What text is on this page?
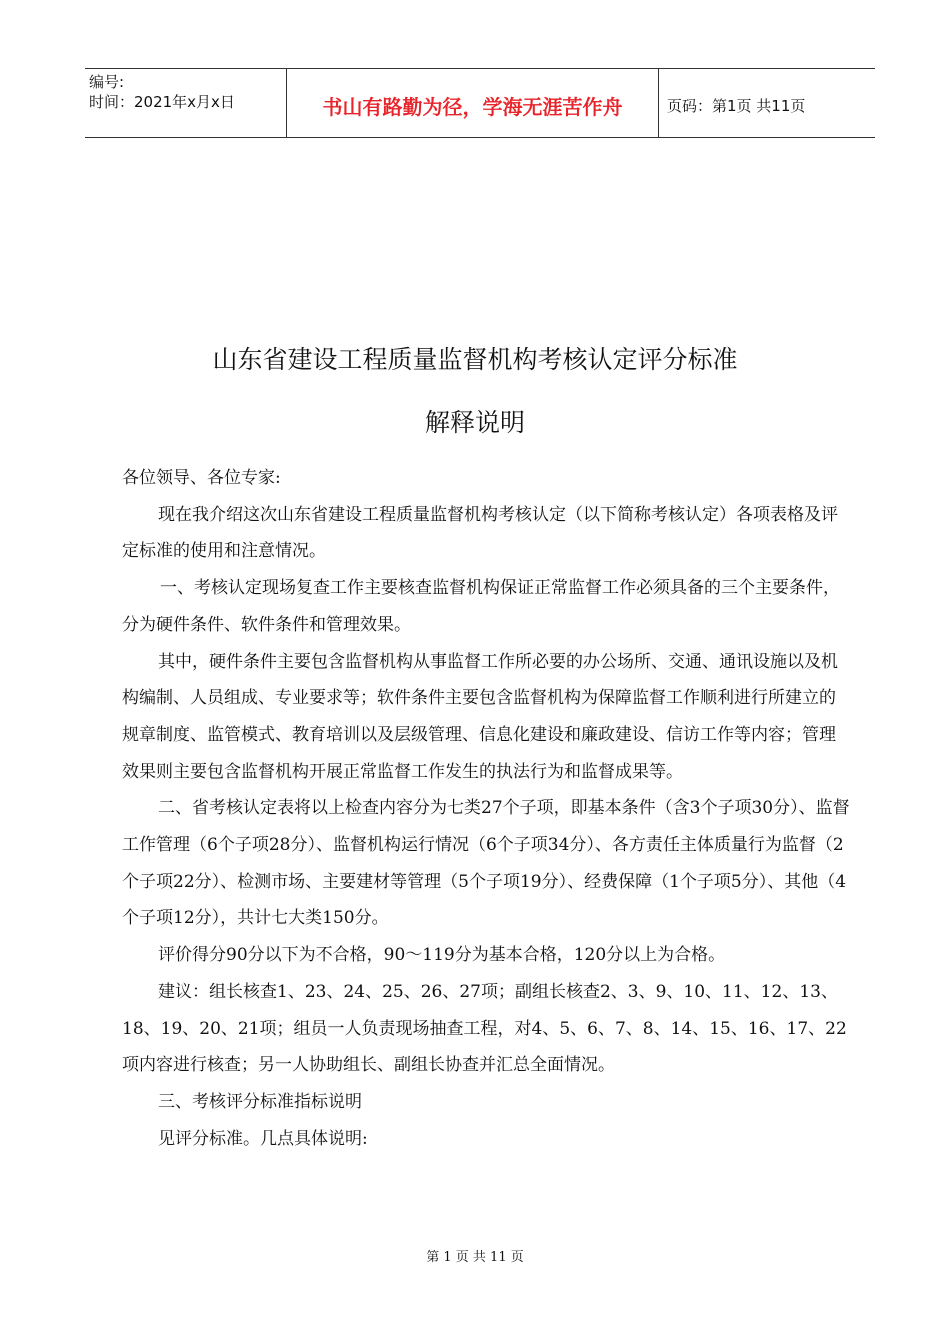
编号:
时间：2021年x月x日	书山有路勤为径，学海无涯苦作舟	页码：第1页 共11页
山东省建设工程质量监督机构考核认定评分标准
解释说明

各位领导、各位专家:

现在我介绍这次山东省建设工程质量监督机构考核认定（以下简称考核认定）各项表格及评定标准的使用和注意情况。

一、考核认定现场复查工作主要核查监督机构保证正常监督工作必须具备的三个主要条件，分为硬件条件、软件条件和管理效果。

其中，硬件条件主要包含监督机构从事监督工作所必要的办公场所、交通、通讯设施以及机构编制、人员组成、专业要求等；软件条件主要包含监督机构为保障监督工作顺利进行所建立的规章制度、监管模式、教育培训以及层级管理、信息化建设和廉政建设、信访工作等内容；管理效果则主要包含监督机构开展正常监督工作发生的执法行为和监督成果等。

二、省考核认定表将以上检查内容分为七类27个子项，即基本条件（含3个子项30分）、监督工作管理（6个子项28分）、监督机构运行情况（6个子项34分）、各方责任主体质量行为监督（2个子项22分）、检测市场、主要建材等管理（5个子项19分）、经费保障（1个子项5分）、其他（4个子项12分），共计七大类150分。

评价得分90分以下为不合格，90～119分为基本合格，120分以上为合格。

建议：组长核查1、23、24、25、26、27项；副组长核查2、3、9、10、11、12、13、18、19、20、21项；组员一人负责现场抽查工程，对4、5、6、7、8、14、15、16、17、22项内容进行核查；另一人协助组长、副组长协查并汇总全面情况。

三、考核评分标准指标说明

见评分标准。几点具体说明:

第 1 页 共 11 页
